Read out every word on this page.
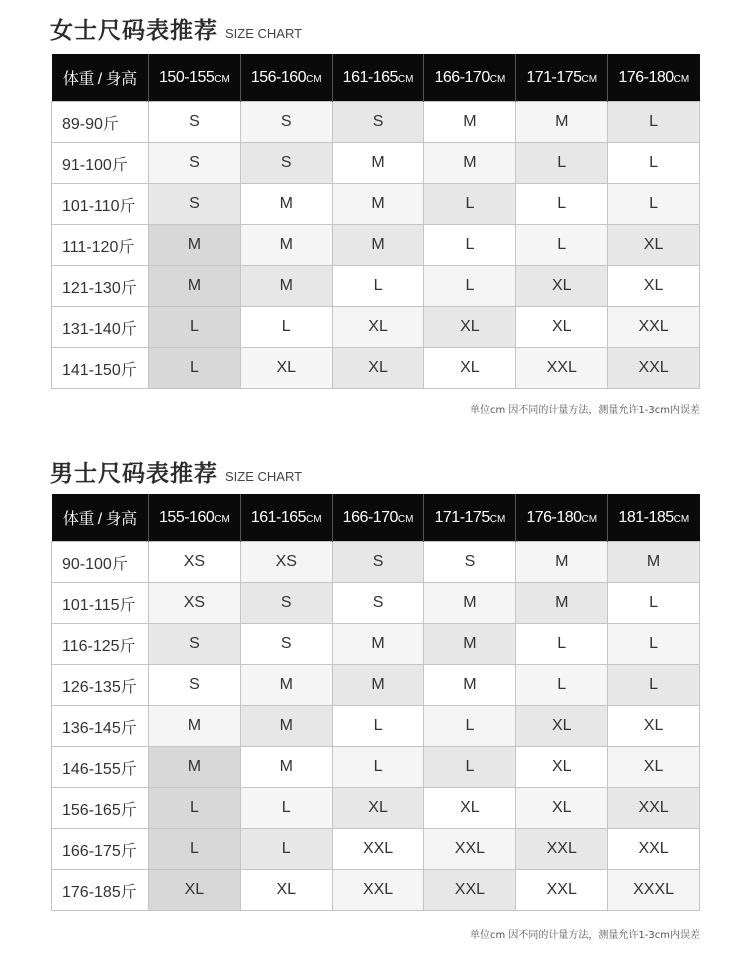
女士尺码表推荐 SIZE CHART
体重 / 身高	150-155CM	156-160CM	161-165CM	166-170CM	171-175CM	176-180CM
89-90斤	S	S	S	M	M	L
91-100斤	S	S	M	M	L	L
101-110斤	S	M	M	L	L	L
111-120斤	M	M	M	L	L	XL
121-130斤	M	M	L	L	XL	XL
131-140斤	L	L	XL	XL	XL	XXL
141-150斤	L	XL	XL	XL	XXL	XXL
单位cm 因不同的计量方法，测量允许1-3cm内误差
男士尺码表推荐 SIZE CHART
体重 / 身高	155-160CM	161-165CM	166-170CM	171-175CM	176-180CM	181-185CM
90-100斤	XS	XS	S	S	M	M
101-115斤	XS	S	S	M	M	L
116-125斤	S	S	M	M	L	L
126-135斤	S	M	M	M	L	L
136-145斤	M	M	L	L	XL	XL
146-155斤	M	M	L	L	XL	XL
156-165斤	L	L	XL	XL	XL	XXL
166-175斤	L	L	XXL	XXL	XXL	XXL
176-185斤	XL	XL	XXL	XXL	XXL	XXXL
单位cm 因不同的计量方法，测量允许1-3cm内误差
